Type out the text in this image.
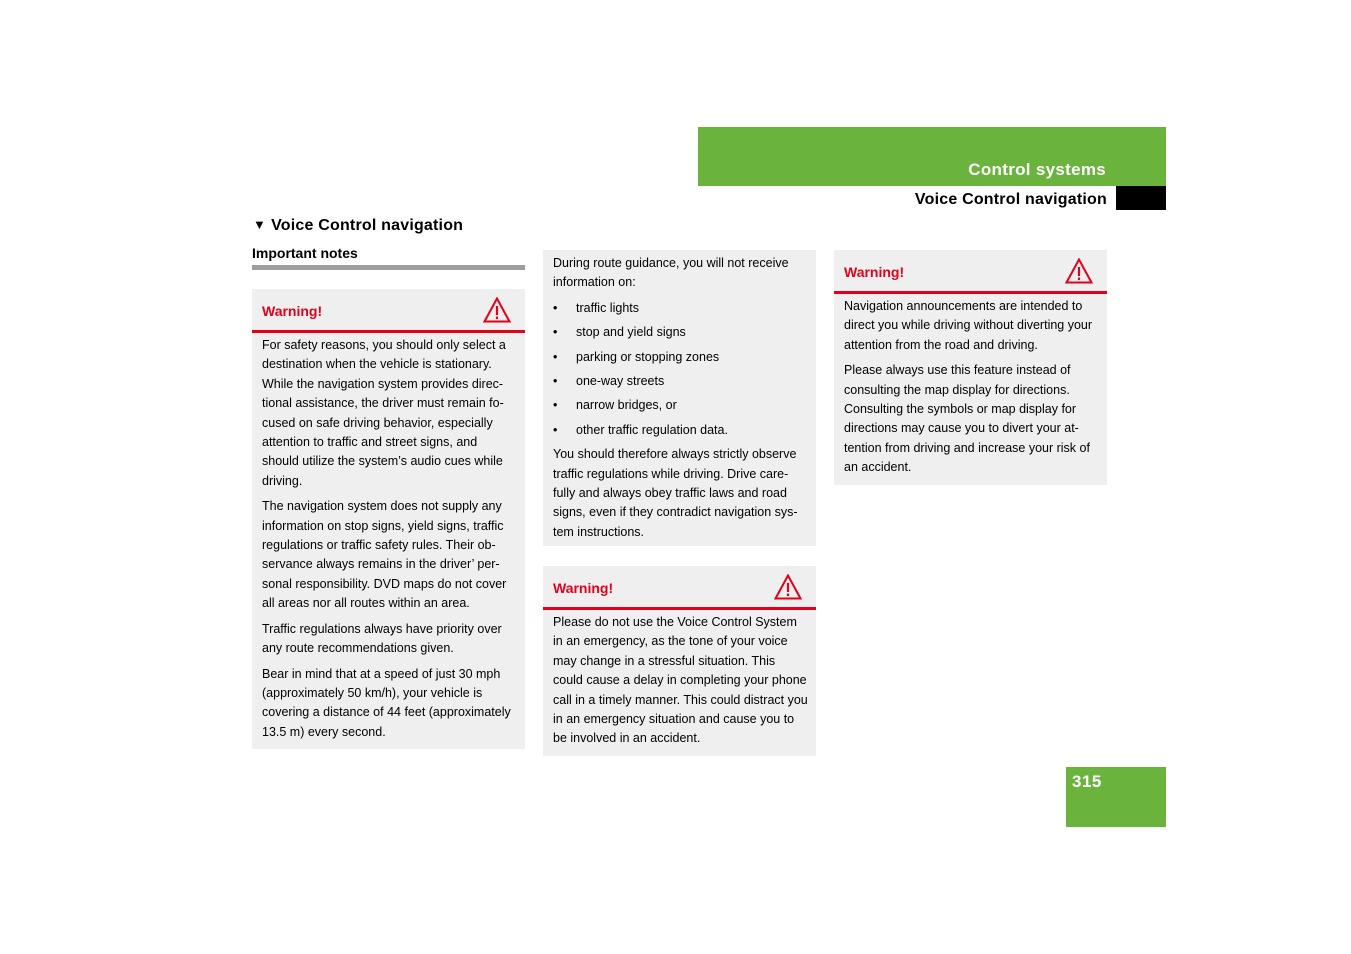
Control systems
Voice Control navigation
▼ Voice Control navigation
Important notes
Warning!

For safety reasons, you should only select a destination when the vehicle is stationary. While the navigation system provides direc-tional assistance, the driver must remain fo-cused on safe driving behavior, especially attention to traffic and street signs, and should utilize the system’s audio cues while driving.

The navigation system does not supply any information on stop signs, yield signs, traffic regulations or traffic safety rules. Their ob-servance always remains in the driver’ per-sonal responsibility. DVD maps do not cover all areas nor all routes within an area.

Traffic regulations always have priority over any route recommendations given.

Bear in mind that at a speed of just 30 mph (approximately 50 km/h), your vehicle is covering a distance of 44 feet (approximately 13.5 m) every second.

During route guidance, you will not receive information on:

• traffic lights
• stop and yield signs
• parking or stopping zones
• one-way streets
• narrow bridges, or
• other traffic regulation data.

You should therefore always strictly observe traffic regulations while driving. Drive care-fully and always obey traffic laws and road signs, even if they contradict navigation sys-tem instructions.

Warning!

Please do not use the Voice Control System in an emergency, as the tone of your voice may change in a stressful situation. This could cause a delay in completing your phone call in a timely manner. This could distract you in an emergency situation and cause you to be involved in an accident.

Warning!

Navigation announcements are intended to direct you while driving without diverting your attention from the road and driving.

Please always use this feature instead of consulting the map display for directions. Consulting the symbols or map display for directions may cause you to divert your at-tention from driving and increase your risk of an accident.

315
